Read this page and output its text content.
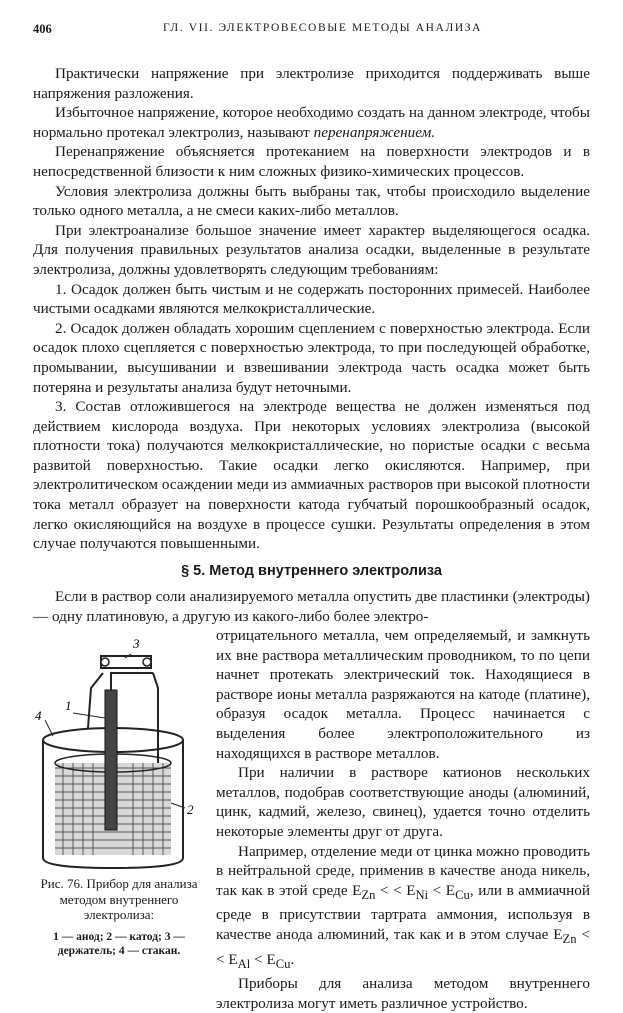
406	ГЛ. VII. ЭЛЕКТРОВЕСОВЫЕ МЕТОДЫ АНАЛИЗА

Практически напряжение при электролизе приходится поддерживать выше напряжения разложения.

Избыточное напряжение, которое необходимо создать на данном электроде, чтобы нормально протекал электролиз, называют перенапряжением.

Перенапряжение объясняется протеканием на поверхности электродов и в непосредственной близости к ним сложных физико-химических процессов.

Условия электролиза должны быть выбраны так, чтобы происходило выделение только одного металла, а не смеси каких-либо металлов.

При электроанализе большое значение имеет характер выделяющегося осадка. Для получения правильных результатов анализа осадки, выделенные в результате электролиза, должны удовлетворять следующим требованиям:

1. Осадок должен быть чистым и не содержать посторонних примесей. Наиболее чистыми осадками являются мелкокристаллические.

2. Осадок должен обладать хорошим сцеплением с поверхностью электрода. Если осадок плохо сцепляется с поверхностью электрода, то при последующей обработке, промывании, высушивании и взвешивании электрода часть осадка может быть потеряна и результаты анализа будут неточными.

3. Состав отложившегося на электроде вещества не должен изменяться под действием кислорода воздуха. При некоторых условиях электролиза (высокой плотности тока) получаются мелкокристаллические, но пористые осадки с весьма развитой поверхностью. Такие осадки легко окисляются. Например, при электролитическом осаждении меди из аммиачных растворов при высокой плотности тока металл образует на поверхности катода губчатый порошкообразный осадок, легко окисляющийся на воздухе в процессе сушки. Результаты определения в этом случае получаются повышенными.

§ 5. Метод внутреннего электролиза

Если в раствор соли анализируемого металла опустить две пластинки (электроды) — одну платиновую, а другую из какого-либо более электро-

3
1
2
4
Рис. 76. Прибор для анализа методом внутреннего электролиза:
1 — анод; 2 — катод; 3 — держатель; 4 — стакан.

отрицательного металла, чем определяемый, и замкнуть их вне раствора металлическим проводником, то по цепи начнет протекать электрический ток. Находящиеся в растворе ионы металла разряжаются на катоде (платине), образуя осадок металла. Процесс начинается с выделения более электроположительного из находящихся в растворе металлов.

При наличии в растворе катионов нескольких металлов, подобрав соответствующие аноды (алюминий, цинк, кадмий, железо, свинец), удается точно отделить некоторые элементы друг от друга.

Например, отделение меди от цинка можно проводить в нейтральной среде, применив в качестве анода никель, так как в этой среде $E_{Zn}$ < < $E_{Ni} < E_{Cu}$, или в аммиачной среде в присутствии тартрата аммония, используя в качестве анода алюминий, так как и в этом случае $E_{Zn}$ < < $E_{Al} < E_{Cu}$.

Приборы для анализа методом внутреннего электролиза могут иметь различное устройство.
